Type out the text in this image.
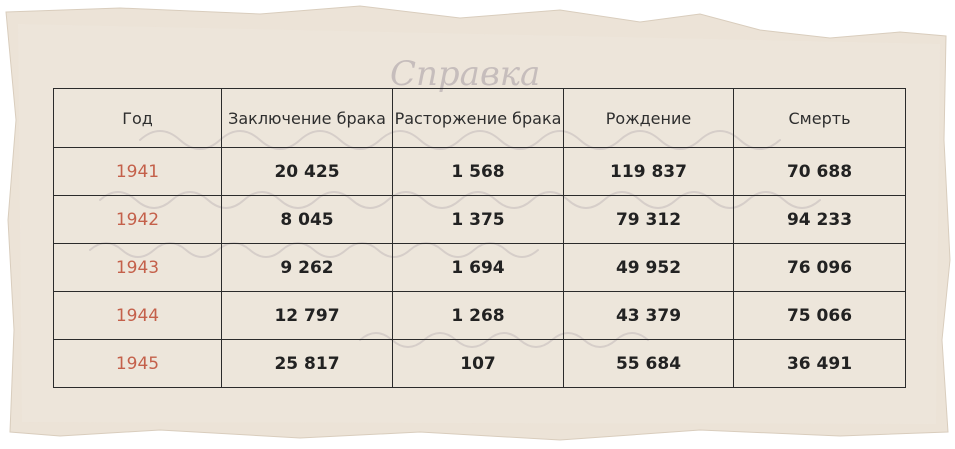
Справка
Год	Заключение брака	Расторжение брака	Рождение	Смерть
1941	20 425	1 568	119 837	70 688
1942	8 045	1 375	79 312	94 233
1943	9 262	1 694	49 952	76 096
1944	12 797	1 268	43 379	75 066
1945	25 817	107	55 684	36 491
